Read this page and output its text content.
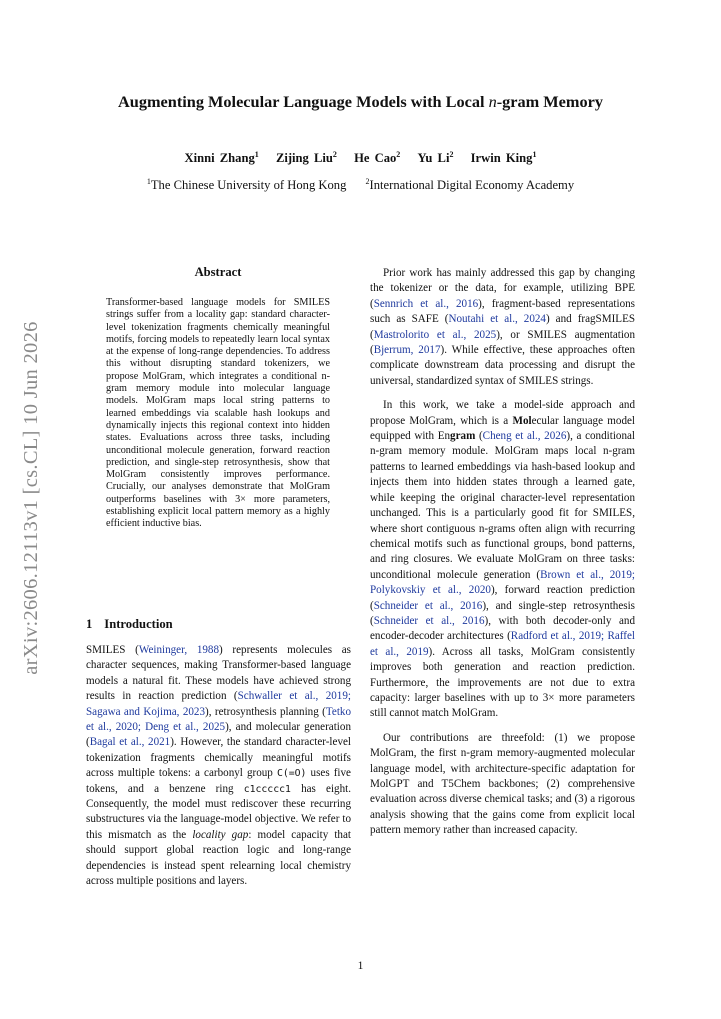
Augmenting Molecular Language Models with Local n-gram Memory
Xinni Zhang$^1$ Zijing Liu$^2$ He Cao$^2$ Yu Li$^2$ Irwin King$^1$
$^1$The Chinese University of Hong Kong $^2$International Digital Economy Academy
arXiv:2606.12113v1 [cs.CL] 10 Jun 2026
Abstract
Transformer-based language models for SMILES strings suffer from a locality gap: standard character-level tokenization fragments chemically meaningful motifs, forcing models to repeatedly learn local syntax at the expense of long-range dependencies. To address this without disrupting standard tokenizers, we propose MolGram, which integrates a conditional n-gram memory module into molecular language models. MolGram maps local string patterns to learned embeddings via scalable hash lookups and dynamically injects this regional context into hidden states. Evaluations across three tasks, including unconditional molecule generation, forward reaction prediction, and single-step retrosynthesis, show that MolGram consistently improves performance. Crucially, our analyses demonstrate that MolGram outperforms baselines with 3× more parameters, establishing explicit local pattern memory as a highly efficient inductive bias.
1 Introduction

SMILES (Weininger, 1988) represents molecules as character sequences, making Transformer-based language models a natural fit. These models have achieved strong results in reaction prediction (Schwaller et al., 2019; Sagawa and Kojima, 2023), retrosynthesis planning (Tetko et al., 2020; Deng et al., 2025), and molecular generation (Bagal et al., 2021). However, the standard character-level tokenization fragments chemically meaningful motifs across multiple tokens: a carbonyl group C(=O) uses five tokens, and a benzene ring c1ccccc1 has eight. Consequently, the model must rediscover these recurring substructures via the language-model objective. We refer to this mismatch as the locality gap: model capacity that should support global reaction logic and long-range dependencies is instead spent relearning local chemistry across multiple positions and layers.

Prior work has mainly addressed this gap by changing the tokenizer or the data, for example, utilizing BPE (Sennrich et al., 2016), fragment-based representations such as SAFE (Noutahi et al., 2024) and fragSMILES (Mastrolorito et al., 2025), or SMILES augmentation (Bjerrum, 2017). While effective, these approaches often complicate downstream data processing and disrupt the universal, standardized syntax of SMILES strings.

In this work, we take a model-side approach and propose MolGram, which is a Molecular language model equipped with Engram (Cheng et al., 2026), a conditional n-gram memory module. MolGram maps local n-gram patterns to learned embeddings via hash-based lookup and injects them into hidden states through a learned gate, while keeping the original character-level representation unchanged. This is a particularly good fit for SMILES, where short contiguous n-grams often align with recurring chemical motifs such as functional groups, bond patterns, and ring closures. We evaluate MolGram on three tasks: unconditional molecule generation (Brown et al., 2019; Polykovskiy et al., 2020), forward reaction prediction (Schneider et al., 2016), and single-step retrosynthesis (Schneider et al., 2016), with both decoder-only and encoder-decoder architectures (Radford et al., 2019; Raffel et al., 2019). Across all tasks, MolGram consistently improves both generation and reaction prediction. Furthermore, the improvements are not due to extra capacity: larger baselines with up to 3× more parameters still cannot match MolGram.

Our contributions are threefold: (1) we propose MolGram, the first n-gram memory-augmented molecular language model, with architecture-specific adaptation for MolGPT and T5Chem backbones; (2) comprehensive evaluation across diverse chemical tasks; and (3) a rigorous analysis showing that the gains come from explicit local pattern memory rather than increased capacity.

1
